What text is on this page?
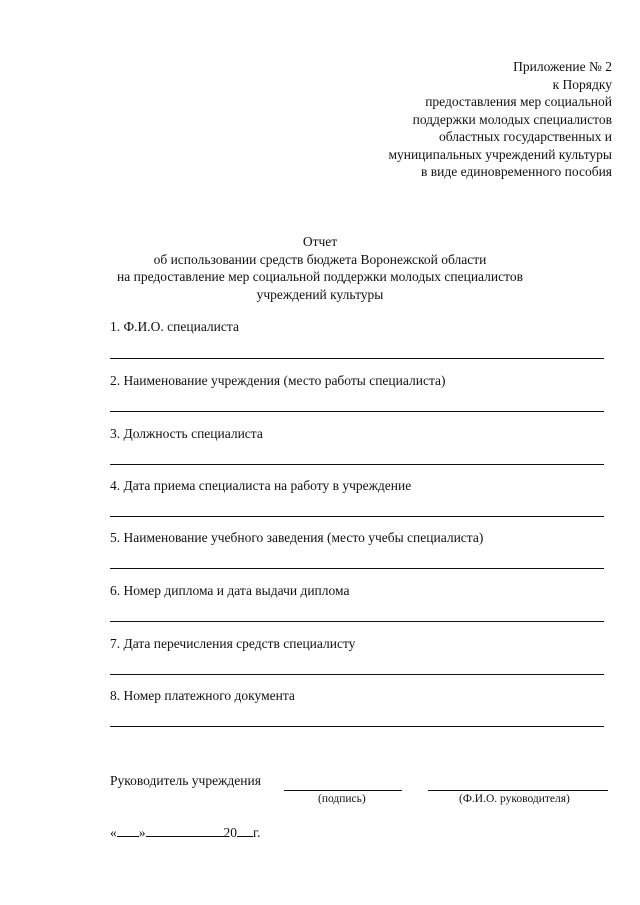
Приложение № 2
к Порядку
предоставления мер социальной
поддержки молодых специалистов
областных государственных и
муниципальных учреждений культуры
в виде единовременного пособия
Отчет
об использовании средств бюджета Воронежской области
на предоставление мер социальной поддержки молодых специалистов
учреждений культуры
1. Ф.И.О. специалиста
2. Наименование учреждения (место работы специалиста)
3. Должность специалиста
4. Дата приема специалиста на работу в учреждение
5. Наименование учебного заведения (место учебы специалиста)
6. Номер диплома и дата выдачи диплома
7. Дата перечисления средств специалисту
8. Номер платежного документа
Руководитель учреждения
(подпись)	(Ф.И.О. руководителя)
« »	20 г.
